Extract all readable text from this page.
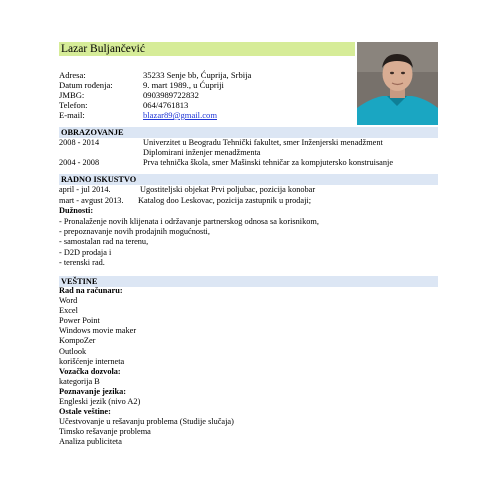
Lazar Buljančević
Adresa:	35233 Senje bb, Ćuprija, Srbija
Datum rođenja:	9. mart 1989., u Ćupriji
JMBG:	0903989722832
Telefon:	064/4761813
E-mail:	blazar89@gmail.com
OBRAZOVANJE
2008 - 2014	Univerzitet u Beogradu Tehnički fakultet, smer Inženjerski menadžment
Diplomirani inženjer menadžmenta
2004 - 2008	Prva tehnička škola, smer Mašinski tehničar za kompjutersko konstruisanje
RADNO ISKUSTVO
april - jul 2014.	Ugostiteljski objekat Prvi poljubac, pozicija konobar
mart - avgust 2013. Katalog doo Leskovac, pozicija zastupnik u prodaji;
Dužnosti:
- Pronalaženje novih klijenata i održavanje partnerskog odnosa sa korisnikom,
- prepoznavanje novih prodajnih mogućnosti,
- samostalan rad na terenu,
- D2D prodaja i
- terenski rad.
VEŠTINE
Rad na računaru:
Word
Excel
Power Point
Windows movie maker
KompoZer
Outlook
korišćenje interneta
Vozačka dozvola:
kategorija B
Poznavanje jezika:
Engleski jezik (nivo A2)
Ostale veštine:
Učestvovanje u rešavanju problema (Studije slučaja)
Timsko rešavanje problema
Analiza publiciteta
